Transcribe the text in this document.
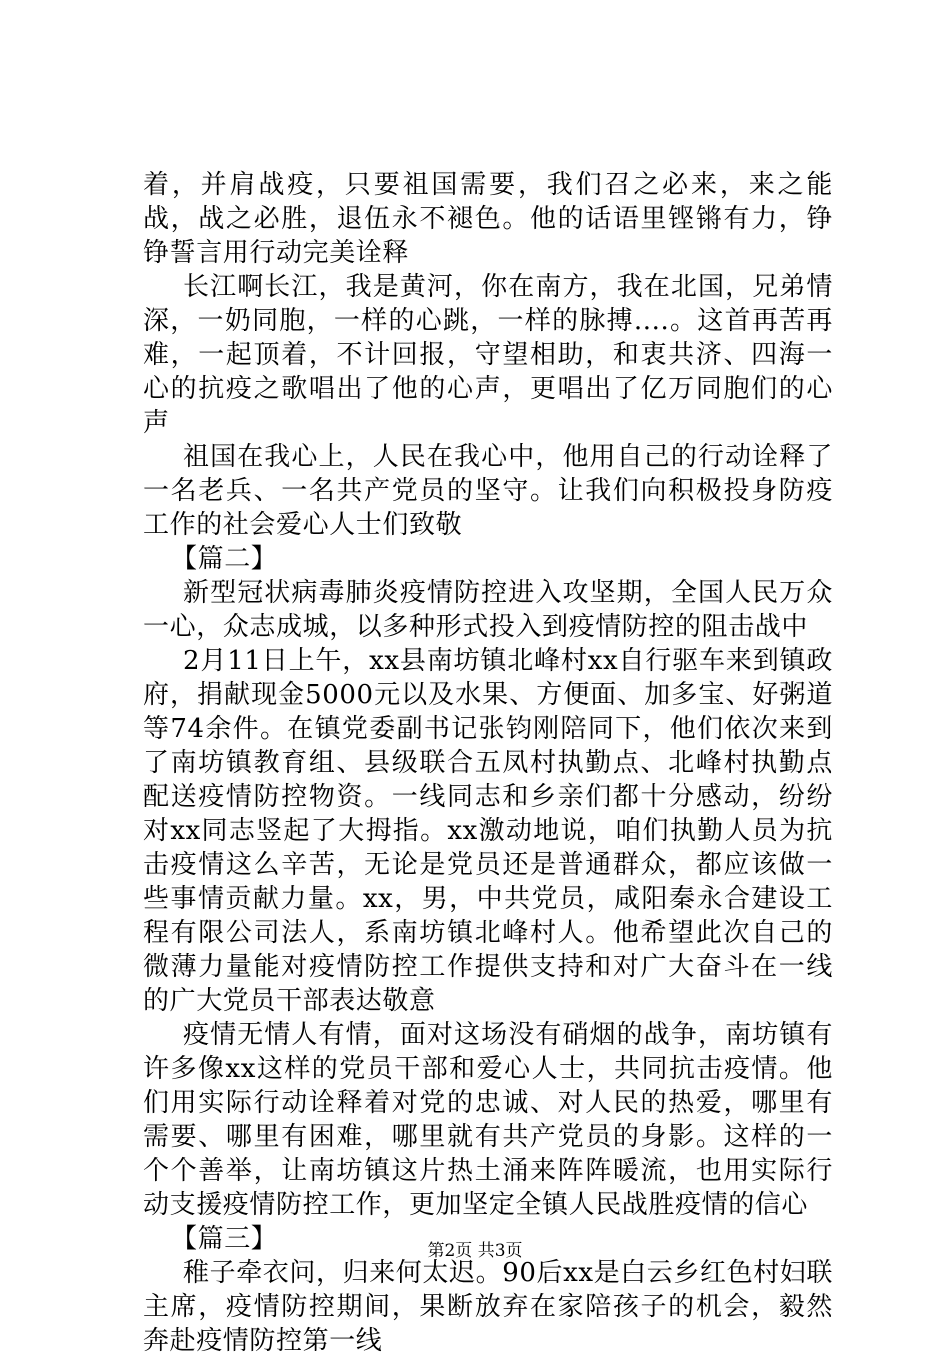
着，并肩战疫，只要祖国需要，我们召之必来，来之能战，战之必胜，退伍永不褪色。他的话语里铿锵有力，铮铮誓言用行动完美诠释

长江啊长江，我是黄河，你在南方，我在北国，兄弟情深，一奶同胞，一样的心跳，一样的脉搏....。这首再苦再难，一起顶着，不计回报，守望相助，和衷共济、四海一心的抗疫之歌唱出了他的心声，更唱出了亿万同胞们的心声

祖国在我心上，人民在我心中，他用自己的行动诠释了一名老兵、一名共产党员的坚守。让我们向积极投身防疫工作的社会爱心人士们致敬

【篇二】

新型冠状病毒肺炎疫情防控进入攻坚期，全国人民万众一心，众志成城，以多种形式投入到疫情防控的阻击战中

2月11日上午，xx县南坊镇北峰村xx自行驱车来到镇政府，捐献现金5000元以及水果、方便面、加多宝、好粥道等74余件。在镇党委副书记张钧刚陪同下，他们依次来到了南坊镇教育组、县级联合五凤村执勤点、北峰村执勤点配送疫情防控物资。一线同志和乡亲们都十分感动，纷纷对xx同志竖起了大拇指。xx激动地说，咱们执勤人员为抗击疫情这么辛苦，无论是党员还是普通群众，都应该做一些事情贡献力量。xx，男，中共党员，咸阳秦永合建设工程有限公司法人，系南坊镇北峰村人。他希望此次自己的微薄力量能对疫情防控工作提供支持和对广大奋斗在一线的广大党员干部表达敬意

疫情无情人有情，面对这场没有硝烟的战争，南坊镇有许多像xx这样的党员干部和爱心人士，共同抗击疫情。他们用实际行动诠释着对党的忠诚、对人民的热爱，哪里有需要、哪里有困难，哪里就有共产党员的身影。这样的一个个善举，让南坊镇这片热土涌来阵阵暖流，也用实际行动支援疫情防控工作，更加坚定全镇人民战胜疫情的信心

【篇三】

稚子牵衣问，归来何太迟。90后xx是白云乡红色村妇联主席，疫情防控期间，果断放弃在家陪孩子的机会，毅然奔赴疫情防控第一线

第2页 共3页
